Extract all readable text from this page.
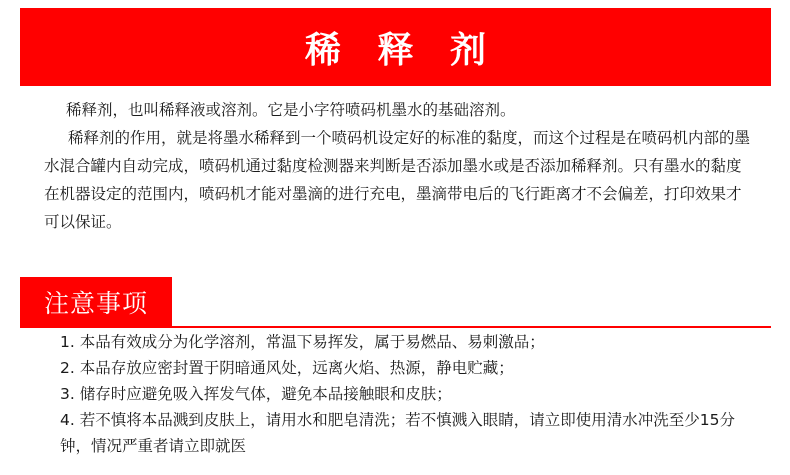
稀 释 剂

稀释剂，也叫稀释液或溶剂。它是小字符喷码机墨水的基础溶剂。

稀释剂的作用，就是将墨水稀释到一个喷码机设定好的标准的黏度，而这个过程是在喷码机内部的墨水混合罐内自动完成，喷码机通过黏度检测器来判断是否添加墨水或是否添加稀释剂。只有墨水的黏度在机器设定的范围内，喷码机才能对墨滴的进行充电，墨滴带电后的飞行距离才不会偏差，打印效果才可以保证。

注意事项
1. 本品有效成分为化学溶剂，常温下易挥发，属于易燃品、易刺激品；
2. 本品存放应密封置于阴暗通风处，远离火焰、热源，静电贮藏；
3. 储存时应避免吸入挥发气体，避免本品接触眼和皮肤；
4. 若不慎将本品溅到皮肤上，请用水和肥皂清洗；若不慎溅入眼睛，请立即使用清水冲洗至少15分钟，情况严重者请立即就医
